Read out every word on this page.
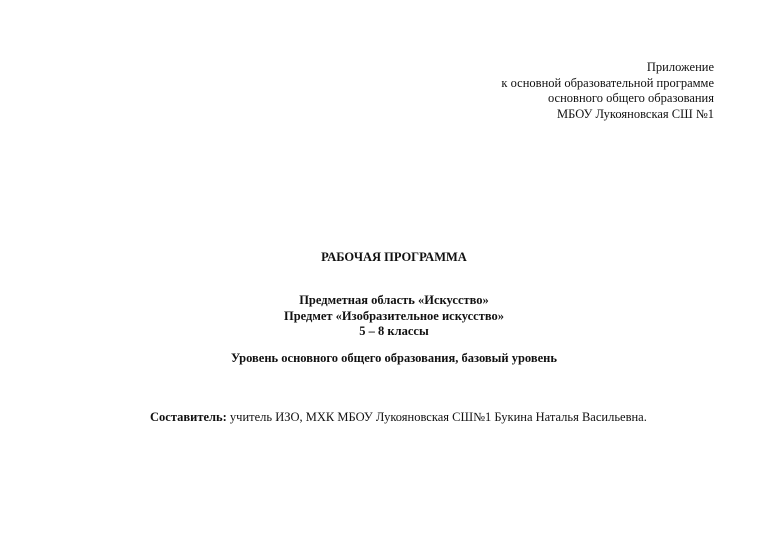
Приложение
к основной образовательной программе
основного общего образования
МБОУ Лукояновская СШ №1
РАБОЧАЯ ПРОГРАММА
Предметная область «Искусство»
Предмет «Изобразительное искусство»
5 – 8 классы
Уровень основного общего образования, базовый уровень
Составитель: учитель ИЗО, МХК МБОУ Лукояновская СШ№1 Букина Наталья Васильевна.
